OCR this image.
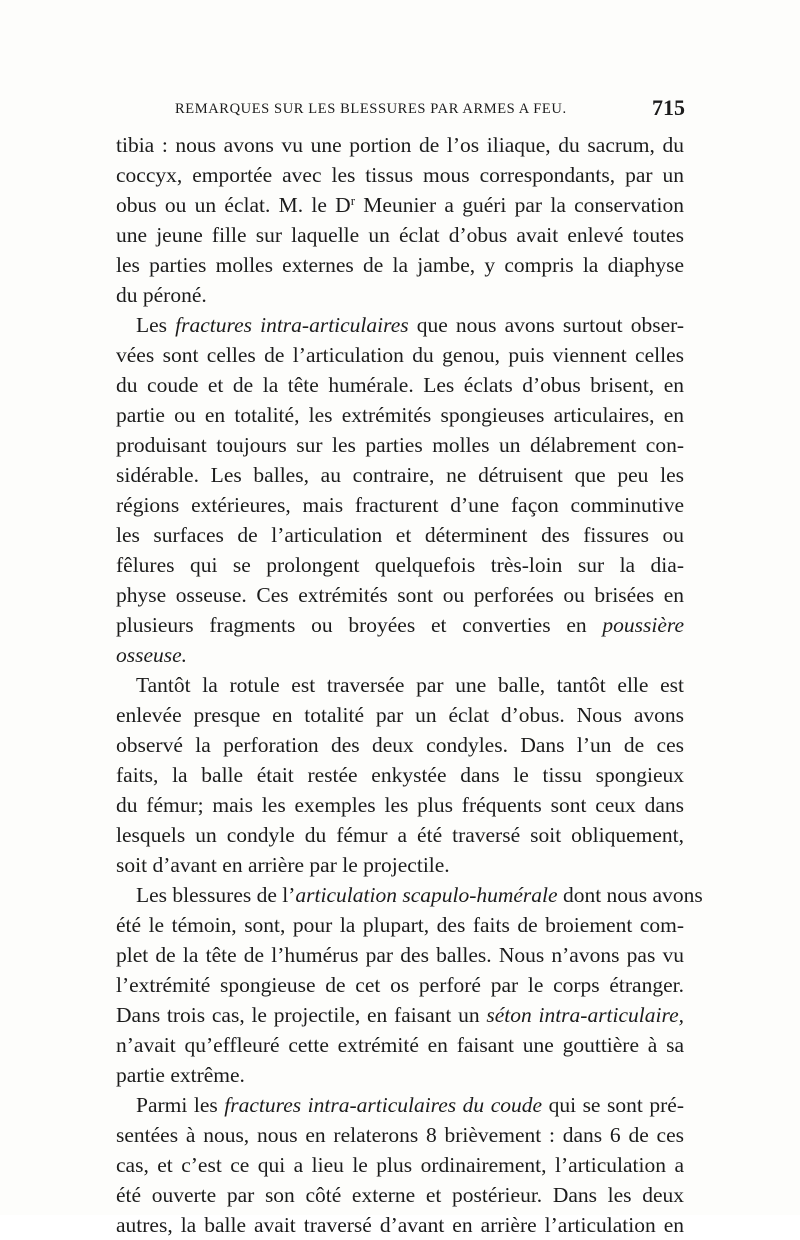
REMARQUES SUR LES BLESSURES PAR ARMES A FEU.	715
tibia : nous avons vu une portion de l’os iliaque, du sacrum, du
coccyx, emportée avec les tissus mous correspondants, par un
obus ou un éclat. M. le $D^r$ Meunier a guéri par la conservation
une jeune fille sur laquelle un éclat d’obus avait enlevé toutes
les parties molles externes de la jambe, y compris la diaphyse
du péroné.
Les fractures intra-articulaires que nous avons surtout obser-
vées sont celles de l’articulation du genou, puis viennent celles
du coude et de la tête humérale. Les éclats d’obus brisent, en
partie ou en totalité, les extrémités spongieuses articulaires, en
produisant toujours sur les parties molles un délabrement con-
sidérable. Les balles, au contraire, ne détruisent que peu les
régions extérieures, mais fracturent d’une façon comminutive
les surfaces de l’articulation et déterminent des fissures ou
fêlures qui se prolongent quelquefois très-loin sur la dia-
physe osseuse. Ces extrémités sont ou perforées ou brisées en
plusieurs fragments ou broyées et converties en poussière
osseuse.
Tantôt la rotule est traversée par une balle, tantôt elle est
enlevée presque en totalité par un éclat d’obus. Nous avons
observé la perforation des deux condyles. Dans l’un de ces
faits, la balle était restée enkystée dans le tissu spongieux
du fémur; mais les exemples les plus fréquents sont ceux dans
lesquels un condyle du fémur a été traversé soit obliquement,
soit d’avant en arrière par le projectile.
Les blessures de l’articulation scapulo-humérale dont nous avons
été le témoin, sont, pour la plupart, des faits de broiement com-
plet de la tête de l’humérus par des balles. Nous n’avons pas vu
l’extrémité spongieuse de cet os perforé par le corps étranger.
Dans trois cas, le projectile, en faisant un séton intra-articulaire,
n’avait qu’effleuré cette extrémité en faisant une gouttière à sa
partie extrême.
Parmi les fractures intra-articulaires du coude qui se sont pré-
sentées à nous, nous en relaterons 8 brièvement : dans 6 de ces
cas, et c’est ce qui a lieu le plus ordinairement, l’articulation a
été ouverte par son côté externe et postérieur. Dans les deux
autres, la balle avait traversé d’avant en arrière l’articulation en
